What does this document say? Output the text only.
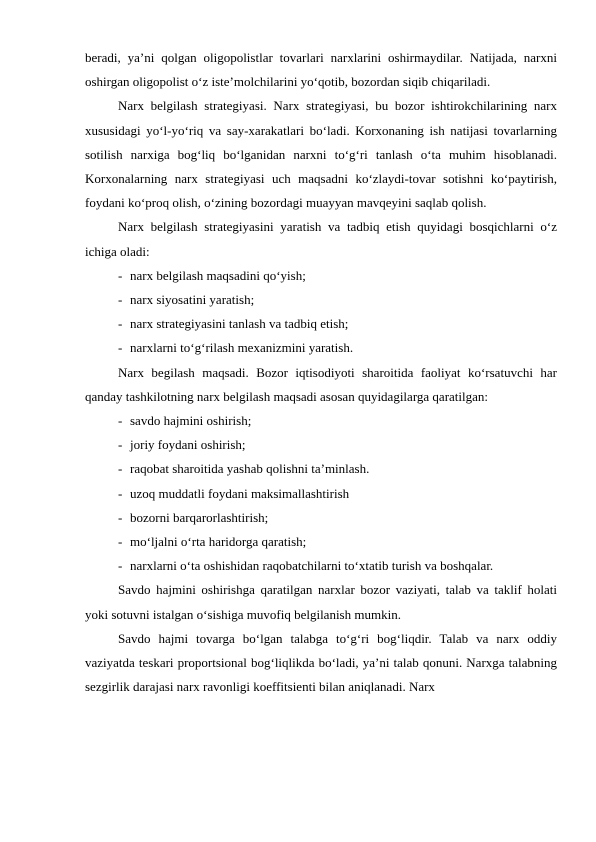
beradi, ya’ni qolgan oligopolistlar tovarlari narxlarini oshirmaydilar. Natijada, narxni oshirgan oligopolist o‘z iste’molchilarini yo‘qotib, bozordan siqib chiqariladi.

Narx belgilash strategiyasi. Narx strategiyasi, bu bozor ishtirokchilarining narx xususidagi yo‘l-yo‘riq va say-xarakatlari bo‘ladi. Korxonaning ish natijasi tovarlarning sotilish narxiga bog‘liq bo‘lganidan narxni to‘g‘ri tanlash o‘ta muhim hisoblanadi. Korxonalarning narx strategiyasi uch maqsadni ko‘zlaydi-tovar sotishni ko‘paytirish, foydani ko‘proq olish, o‘zining bozordagi muayyan mavqeyini saqlab qolish.

Narx belgilash strategiyasini yaratish va tadbiq etish quyidagi bosqichlarni o‘z ichiga oladi:

- narx belgilash maqsadini qo‘yish;
- narx siyosatini yaratish;
- narx strategiyasini tanlash va tadbiq etish;
- narxlarni to‘g‘rilash mexanizmini yaratish.

Narx begilash maqsadi. Bozor iqtisodiyoti sharoitida faoliyat ko‘rsatuvchi har qanday tashkilotning narx belgilash maqsadi asosan quyidagilarga qaratilgan:

- savdo hajmini oshirish;
- joriy foydani oshirish;
- raqobat sharoitida yashab qolishni ta’minlash.
- uzoq muddatli foydani maksimallashtirish
- bozorni barqarorlashtirish;
- mo‘ljalni o‘rta haridorga qaratish;
- narxlarni o‘ta oshishidan raqobatchilarni to‘xtatib turish va boshqalar.

Savdo hajmini oshirishga qaratilgan narxlar bozor vaziyati, talab va taklif holati yoki sotuvni istalgan o‘sishiga muvofiq belgilanish mumkin.

Savdo hajmi tovarga bo‘lgan talabga to‘g‘ri bog‘liqdir. Talab va narx oddiy vaziyatda teskari proportsional bog‘liqlikda bo‘ladi, ya’ni talab qonuni. Narxga talabning sezgirlik darajasi narx ravonligi koeffitsienti bilan aniqlanadi. Narx
